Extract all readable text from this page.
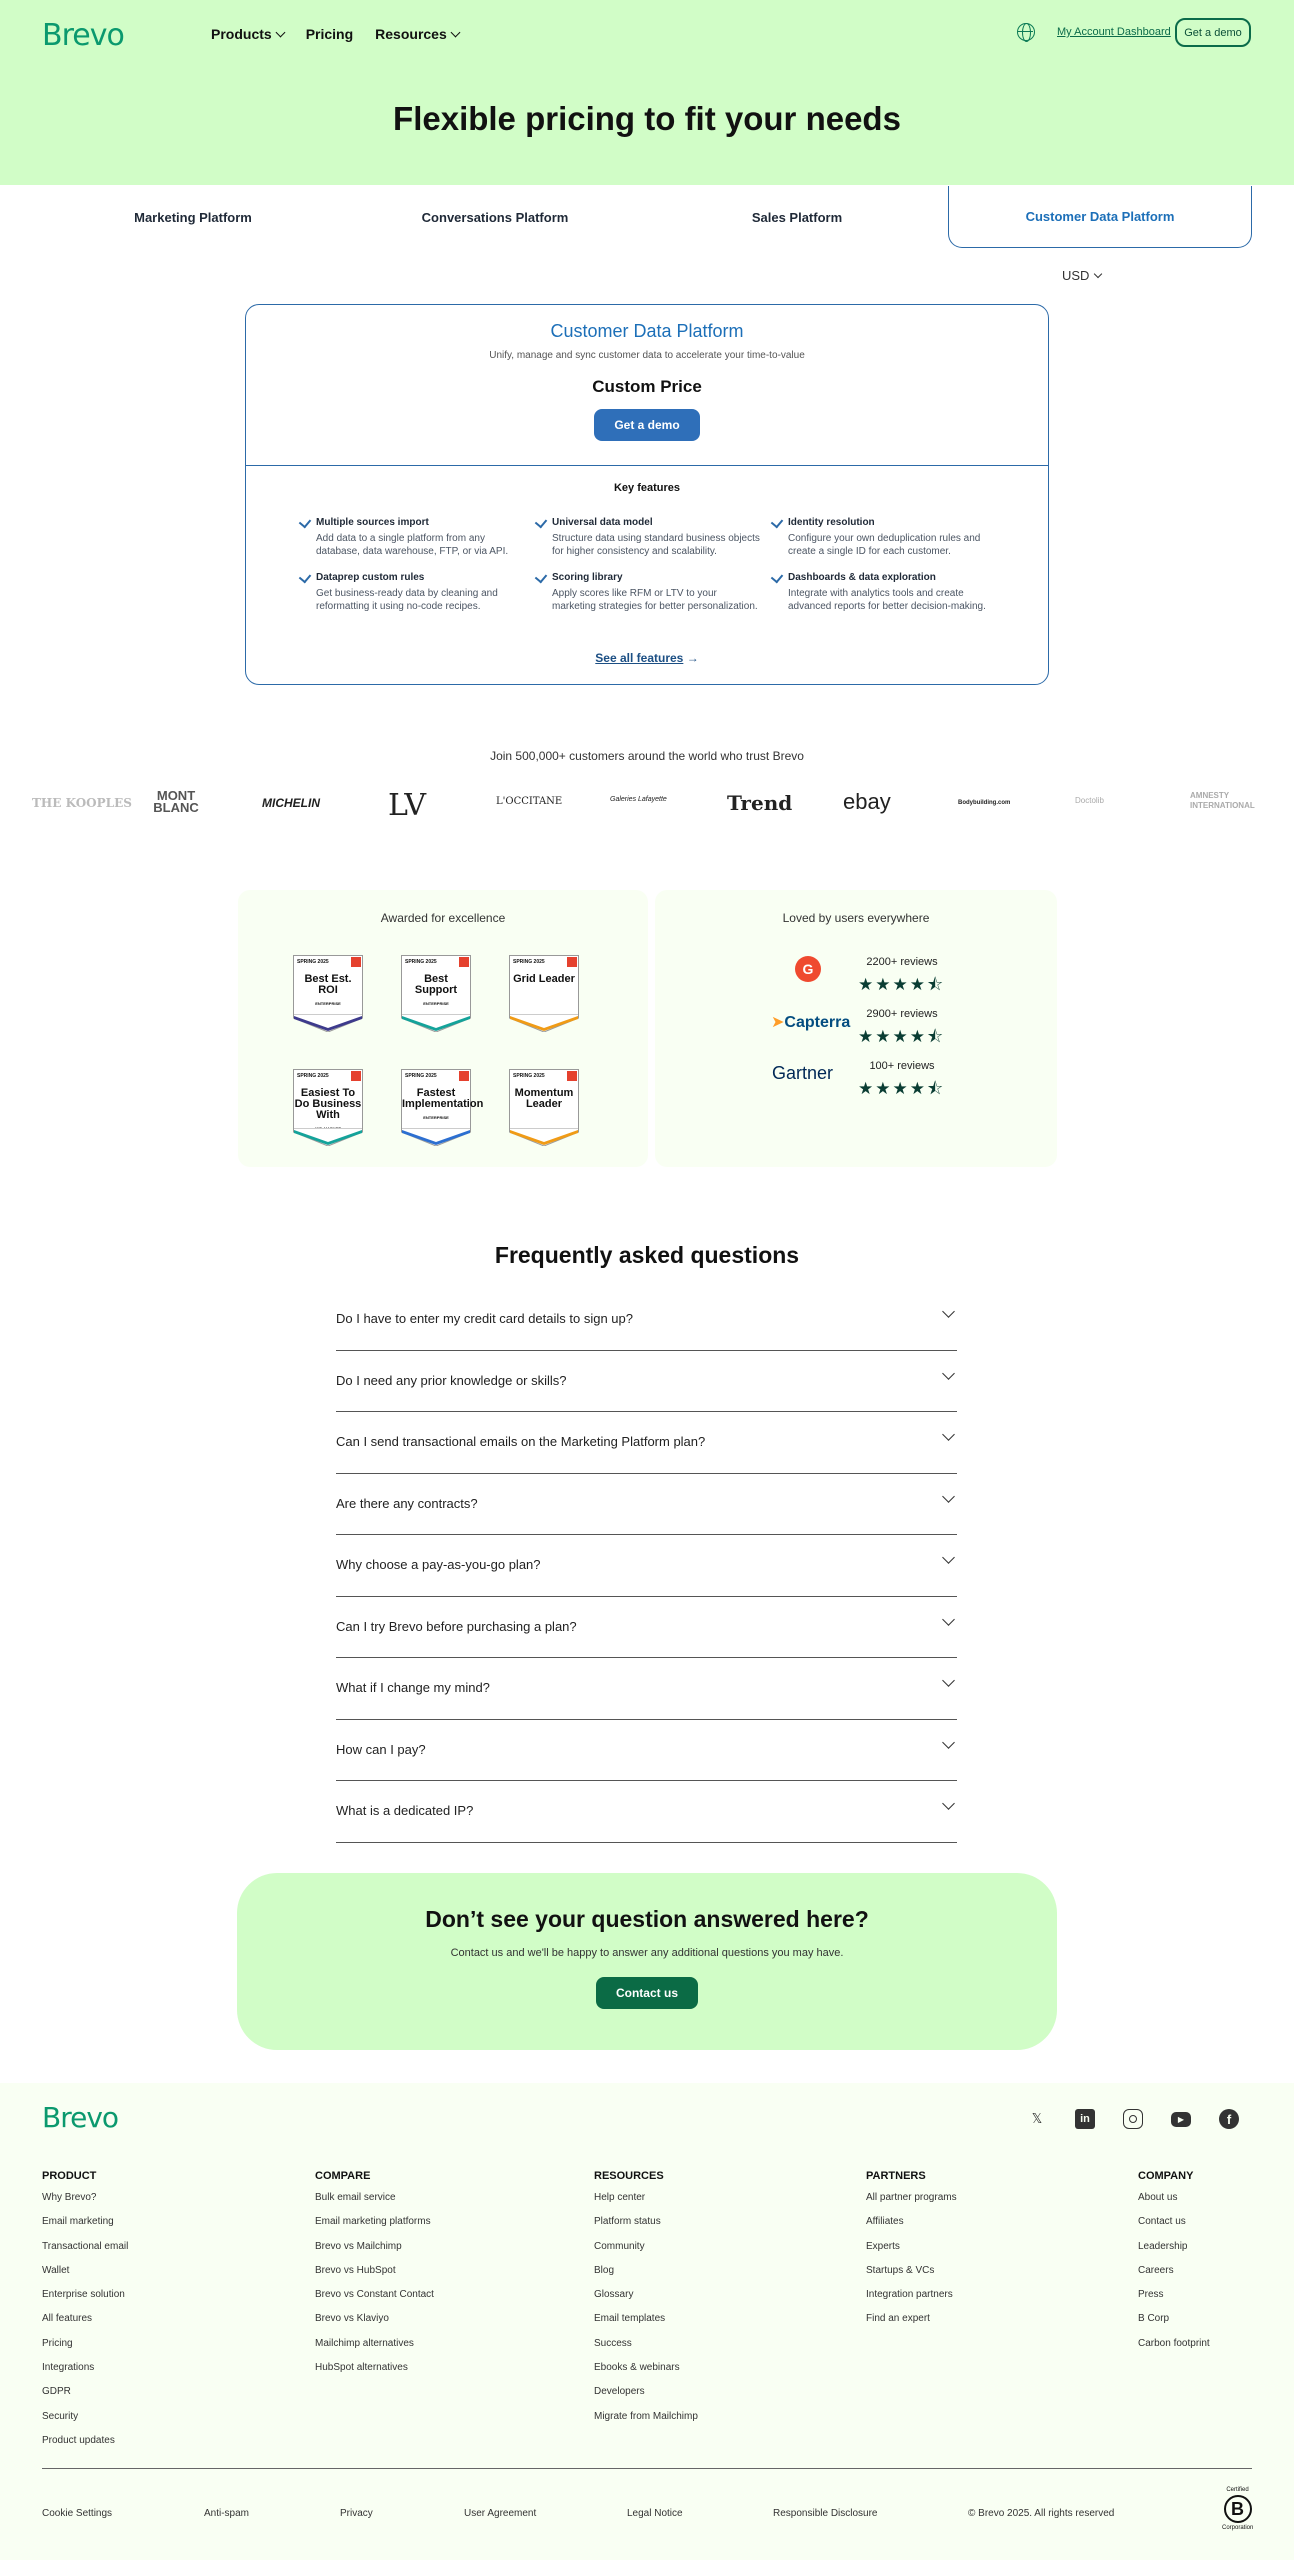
Brevo	Products Pricing Resources	My Account Dashboard	Get a demo
Flexible pricing to fit your needs
Marketing Platform	Conversations Platform	Sales Platform	Customer Data Platform
USD
Customer Data Platform
Unify, manage and sync customer data to accelerate your time-to-value
Custom Price
Get a demo
Key features
Multiple sources import
Add data to a single platform from any database, data warehouse, FTP, or via API.
Universal data model
Structure data using standard business objects for higher consistency and scalability.
Identity resolution
Configure your own deduplication rules and create a single ID for each customer.
Dataprep custom rules
Get business-ready data by cleaning and reformatting it using no-code recipes.
Scoring library
Apply scores like RFM or LTV to your marketing strategies for better personalization.
Dashboards & data exploration
Integrate with analytics tools and create advanced reports for better decision-making.
See all features →
Join 500,000+ customers around the world who trust Brevo
THE KOOPLES	MONT BLANC	MICHELIN LV	L'OCCITANE	Galeries Lafayette	Trend ebay	Bodybuilding.com	Doctolib
AMNESTY INTERNATIONAL
Awarded for excellence
SPRING 2025
Best Est. ROI
ENTERPRISE
SPRING 2025
Best Support
ENTERPRISE
SPRING 2025
Grid Leader
SPRING 2025
Easiest To Do Business With
SPRING 2025
Fastest Implementation
ENTERPRISE
SPRING 2025
Momentum Leader
Loved by users everywhere
G	2200+ reviews
★★★★⯪
➤Capterra	2900+ reviews
★★★★⯪
Gartner	100+ reviews
★★★★⯪
Frequently asked questions
Do I have to enter my credit card details to sign up?
Do I need any prior knowledge or skills?
Can I send transactional emails on the Marketing Platform plan?
Are there any contracts?
Why choose a pay-as-you-go plan?
Can I try Brevo before purchasing a plan?
What if I change my mind?
How can I pay?
What is a dedicated IP?
Don’t see your question answered here?
Contact us and we'll be happy to answer any additional questions you may have.
Contact us
Brevo	𝕏	in	▶	f
PRODUCT
Why Brevo?
Email marketing
Transactional email
Wallet
Enterprise solution
All features
Pricing
Integrations
GDPR
Security
Product updates
COMPARE
Bulk email service
Email marketing platforms
Brevo vs Mailchimp
Brevo vs HubSpot
Brevo vs Constant Contact
Brevo vs Klaviyo
Mailchimp alternatives
HubSpot alternatives
RESOURCES
Help center
Platform status
Community
Blog
Glossary
Email templates
Success
Ebooks & webinars
Developers
Migrate from Mailchimp
PARTNERS
All partner programs
Affiliates
Experts
Startups & VCs
Integration partners
Find an expert
COMPANY
About us
Contact us
Leadership
Careers
Press
B Corp
Carbon footprint
Cookie Settings	Anti-spam	Privacy	User Agreement	Legal Notice	Responsible Disclosure	© Brevo 2025. All rights reserved
Certified
B
Corporation
